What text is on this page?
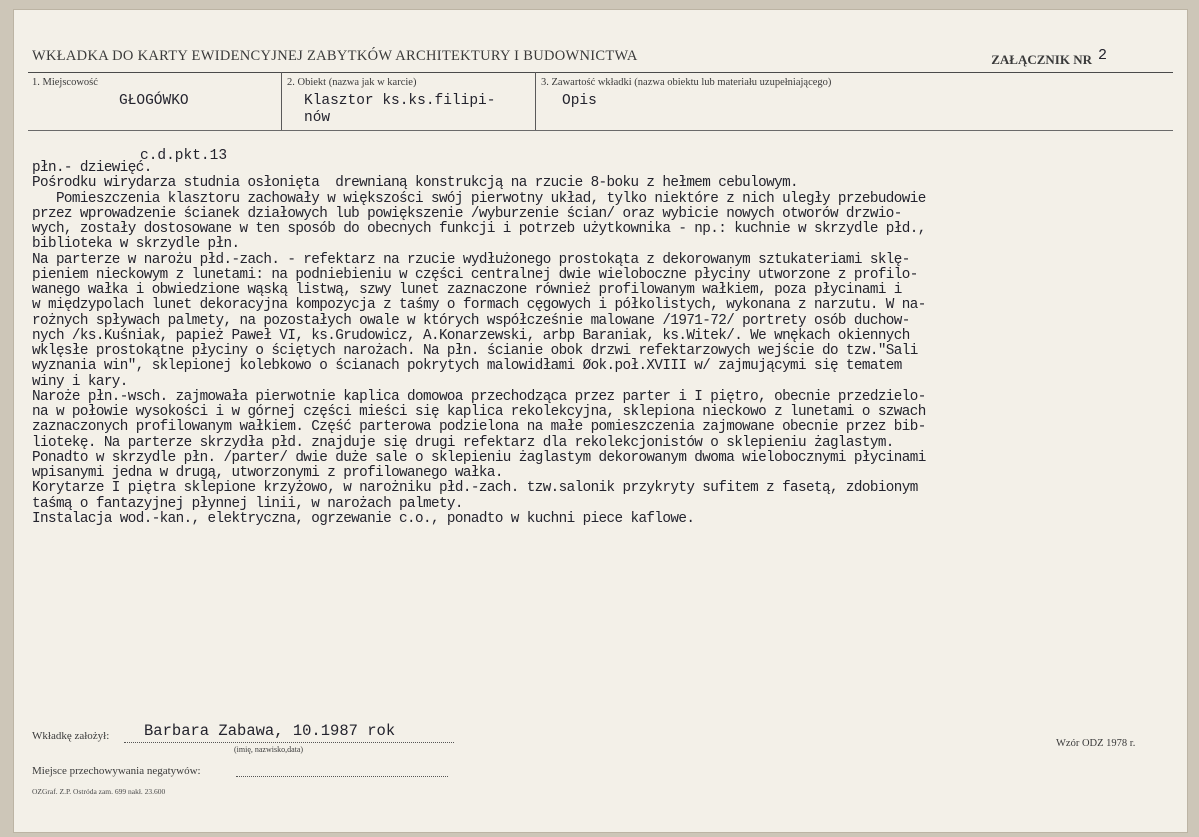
WKŁADKA DO KARTY EWIDENCYJNEJ ZABYTKÓW ARCHITEKTURY I BUDOWNICTWA	ZAŁĄCZNIK NR 2
1. Miejscowość
GŁOGÓWKO
2. Obiekt (nazwa jak w karcie)
Klasztor ks.ks.filipi-
nów
3. Zawartość wkładki (nazwa obiektu lub materiału uzupełniającego)
Opis
c.d.pkt.13
płn.- dziewięć.
Pośrodku wirydarza studnia osłonięta  drewnianą konstrukcją na rzucie 8-boku z hełmem cebulowym.
Pomieszczenia klasztoru zachowały w większości swój pierwotny układ, tylko niektóre z nich uległy przebudowie
przez wprowadzenie ścianek działowych lub powiększenie /wyburzenie ścian/ oraz wybicie nowych otworów drzwio-
wych, zostały dostosowane w ten sposób do obecnych funkcji i potrzeb użytkownika - np.: kuchnie w skrzydle płd.,
biblioteka w skrzydle płn.
Na parterze w narożu płd.-zach. - refektarz na rzucie wydłużonego prostokąta z dekorowanym sztukateriami sklę-
pieniem nieckowym z lunetami: na podniebieniu w części centralnej dwie wieloboczne płyciny utworzone z profilo-
wanego wałka i obwiedzione wąską listwą, szwy lunet zaznaczone również profilowanym wałkiem, poza płycinami i
w międzypolach lunet dekoracyjna kompozycja z taśmy o formach cęgowych i półkolistych, wykonana z narzutu. W na-
rożnych spływach palmety, na pozostałych owale w których współcześnie malowane /1971-72/ portrety osób duchow-
nych /ks.Kuśniak, papież Paweł VI, ks.Grudowicz, A.Konarzewski, arbp Baraniak, ks.Witek/. We wnękach okiennych
wklęsłe prostokątne płyciny o ściętych narożach. Na płn. ścianie obok drzwi refektarzowych wejście do tzw."Sali
wyznania win", sklepionej kolebkowo o ścianach pokrytych malowidłami Øok.poł.XVIII w/ zajmującymi się tematem
winy i kary.
Naroże płn.-wsch. zajmowała pierwotnie kaplica domowoa przechodząca przez parter i I piętro, obecnie przedzielo-
na w połowie wysokości i w górnej części mieści się kaplica rekolekcyjna, sklepiona nieckowo z lunetami o szwach
zaznaczonych profilowanym wałkiem. Część parterowa podzielona na małe pomieszczenia zajmowane obecnie przez bib-
liotekę. Na parterze skrzydła płd. znajduje się drugi refektarz dla rekolekcjonistów o sklepieniu żaglastym.
Ponadto w skrzydle płn. /parter/ dwie duże sale o sklepieniu żaglastym dekorowanym dwoma wielobocznymi płycinami
wpisanymi jedna w drugą, utworzonymi z profilowanego wałka.
Korytarze I piętra sklepione krzyżowo, w narożniku płd.-zach. tzw.salonik przykryty sufitem z fasetą, zdobionym
taśmą o fantazyjnej płynnej linii, w narożach palmety.
Instalacja wod.-kan., elektryczna, ogrzewanie c.o., ponadto w kuchni piece kaflowe.
Wkładkę założył: Barbara Zabawa, 10.1987 rok
(imię, nazwisko,data)
Wzór ODZ 1978 r.
Miejsce przechowywania negatywów:
OZGraf. Z.P. Ostróda zam. 699 nakł. 23.600
